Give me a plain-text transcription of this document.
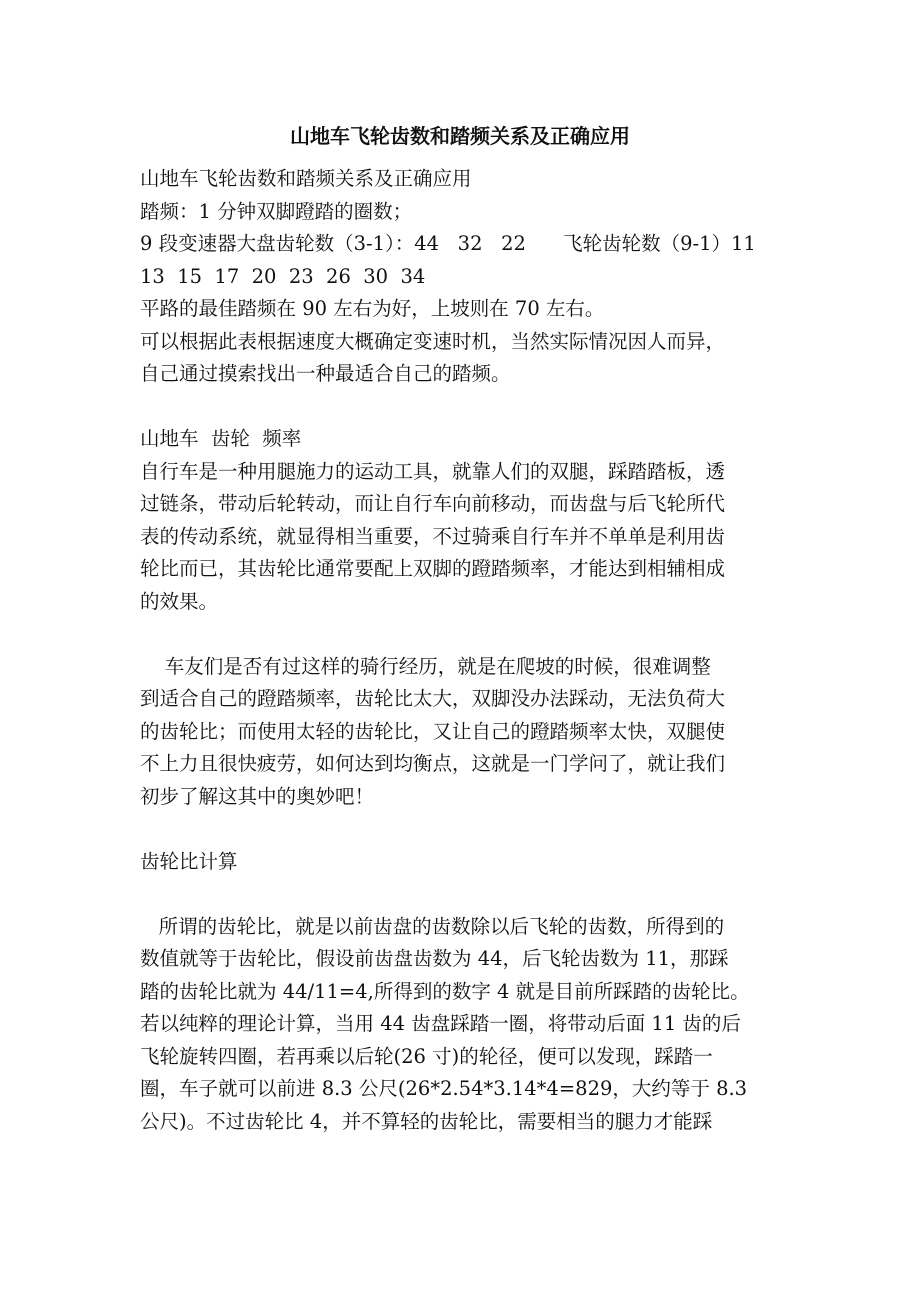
山地车飞轮齿数和踏频关系及正确应用
山地车飞轮齿数和踏频关系及正确应用
踏频：1 分钟双脚蹬踏的圈数；
9 段变速器大盘齿轮数（3-1）：44   32   22      飞轮齿轮数（9-1）11
13  15  17  20  23  26  30  34
平路的最佳踏频在 90 左右为好，上坡则在 70 左右。
可以根据此表根据速度大概确定变速时机，当然实际情况因人而异，
自己通过摸索找出一种最适合自己的踏频。
山地车  齿轮  频率
自行车是一种用腿施力的运动工具，就靠人们的双腿，踩踏踏板，透
过链条，带动后轮转动，而让自行车向前移动，而齿盘与后飞轮所代
表的传动系统，就显得相当重要，不过骑乘自行车并不单单是利用齿
轮比而已，其齿轮比通常要配上双脚的蹬踏频率，才能达到相辅相成
的效果。
车友们是否有过这样的骑行经历，就是在爬坡的时候，很难调整
到适合自己的蹬踏频率，齿轮比太大，双脚没办法踩动，无法负荷大
的齿轮比；而使用太轻的齿轮比，又让自己的蹬踏频率太快，双腿使
不上力且很快疲劳，如何达到均衡点，这就是一门学问了，就让我们
初步了解这其中的奥妙吧！
齿轮比计算
所谓的齿轮比，就是以前齿盘的齿数除以后飞轮的齿数，所得到的
数值就等于齿轮比，假设前齿盘齿数为 44，后飞轮齿数为 11，那踩
踏的齿轮比就为 44/11=4,所得到的数字 4 就是目前所踩踏的齿轮比。
若以纯粹的理论计算，当用 44 齿盘踩踏一圈，将带动后面 11 齿的后
飞轮旋转四圈，若再乘以后轮(26 寸)的轮径，便可以发现，踩踏一
圈，车子就可以前进 8.3 公尺(26*2.54*3.14*4=829，大约等于 8.3
公尺)。不过齿轮比 4，并不算轻的齿轮比，需要相当的腿力才能踩
